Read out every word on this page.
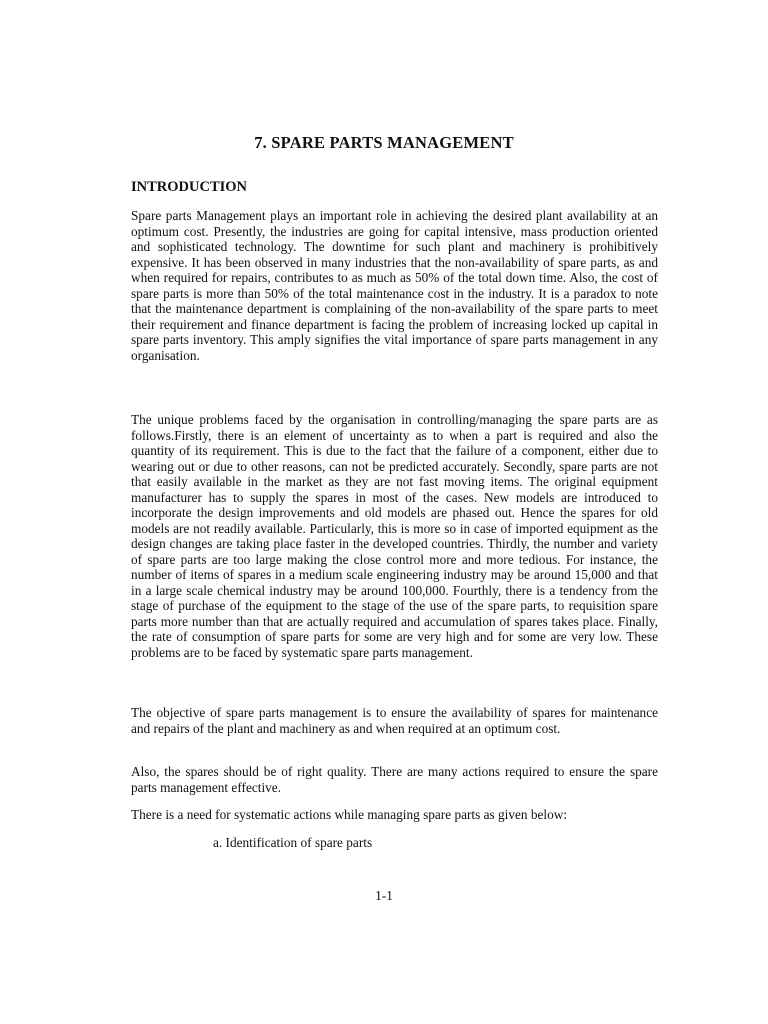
7. SPARE PARTS MANAGEMENT
INTRODUCTION

Spare parts Management plays an important role in achieving the desired plant availability at an optimum cost. Presently, the industries are going for capital intensive, mass production oriented and sophisticated technology. The downtime for such plant and machinery is prohibitively expensive. It has been observed in many industries that the non-availability of spare parts, as and when required for repairs, contributes to as much as 50% of the total down time. Also, the cost of spare parts is more than 50% of the total maintenance cost in the industry. It is a paradox to note that the maintenance department is complaining of the non-availability of the spare parts to meet their requirement and finance department is facing the problem of increasing locked up capital in spare parts inventory. This amply signifies the vital importance of spare parts management in any organisation.

The unique problems faced by the organisation in controlling/managing the spare parts are as follows.Firstly, there is an element of uncertainty as to when a part is required and also the quantity of its requirement. This is due to the fact that the failure of a component, either due to wearing out or due to other reasons, can not be predicted accurately. Secondly, spare parts are not that easily available in the market as they are not fast moving items. The original equipment manufacturer has to supply the spares in most of the cases. New models are introduced to incorporate the design improvements and old models are phased out. Hence the spares for old models are not readily available. Particularly, this is more so in case of imported equipment as the design changes are taking place faster in the developed countries. Thirdly, the number and variety of spare parts are too large making the close control more and more tedious. For instance, the number of items of spares in a medium scale engineering industry may be around 15,000 and that in a large scale chemical industry may be around 100,000. Fourthly, there is a tendency from the stage of purchase of the equipment to the stage of the use of the spare parts, to requisition spare parts more number than that are actually required and accumulation of spares takes place. Finally, the rate of consumption of spare parts for some are very high and for some are very low. These problems are to be faced by systematic spare parts management.

The objective of spare parts management is to ensure the availability of spares for maintenance and repairs of the plant and machinery as and when required at an optimum cost.

Also, the spares should be of right quality. There are many actions required to ensure the spare parts management effective.

There is a need for systematic actions while managing spare parts as given below:

a. Identification of spare parts

1-1
